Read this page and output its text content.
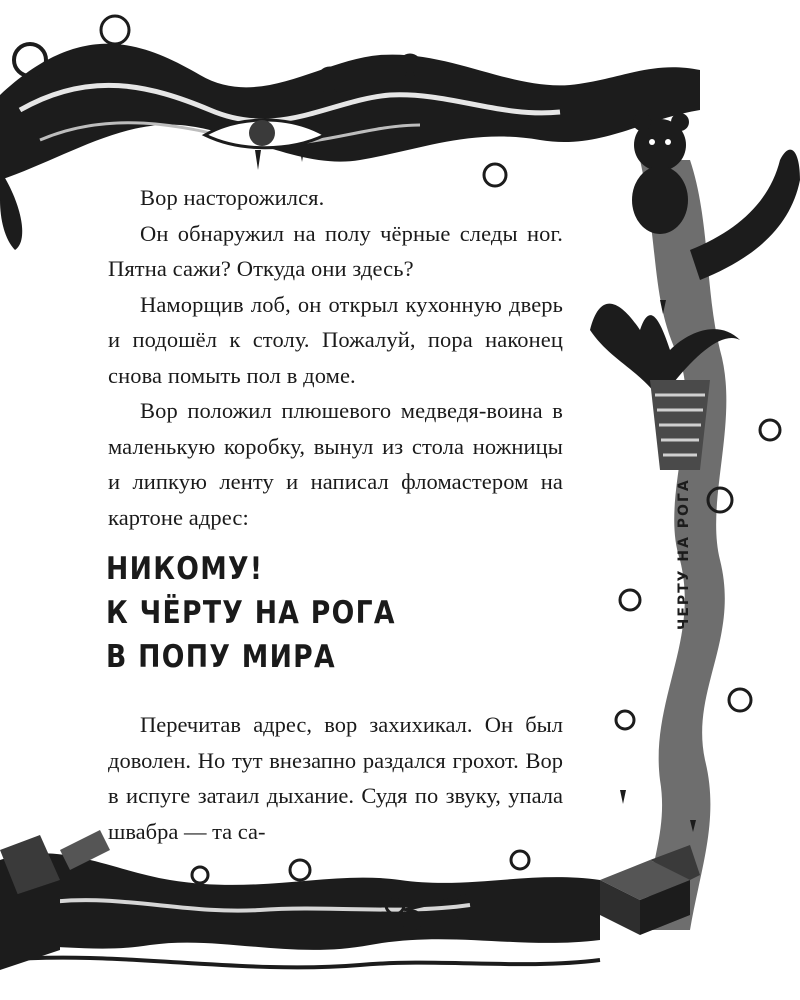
ЧЕРТУ НА РОГА

Вор насторожился.

Он обнаружил на полу чёрные следы ног. Пятна сажи? Откуда они здесь?

Наморщив лоб, он открыл кухонную дверь и подошёл к столу. Пожалуй, пора наконец снова помыть пол в доме.

Вор положил плюшевого медведя-воина в маленькую коробку, вынул из стола ножницы и липкую ленту и написал фломастером на картоне адрес:

НИКОМУ!
К ЧЁРТУ НА РОГА
В ПОПУ МИРА

Перечитав адрес, вор захихикал. Он был доволен. Но тут внезапно раздался грохот. Вор в испуге затаил дыхание. Судя по звуку, упала швабра — та са-
